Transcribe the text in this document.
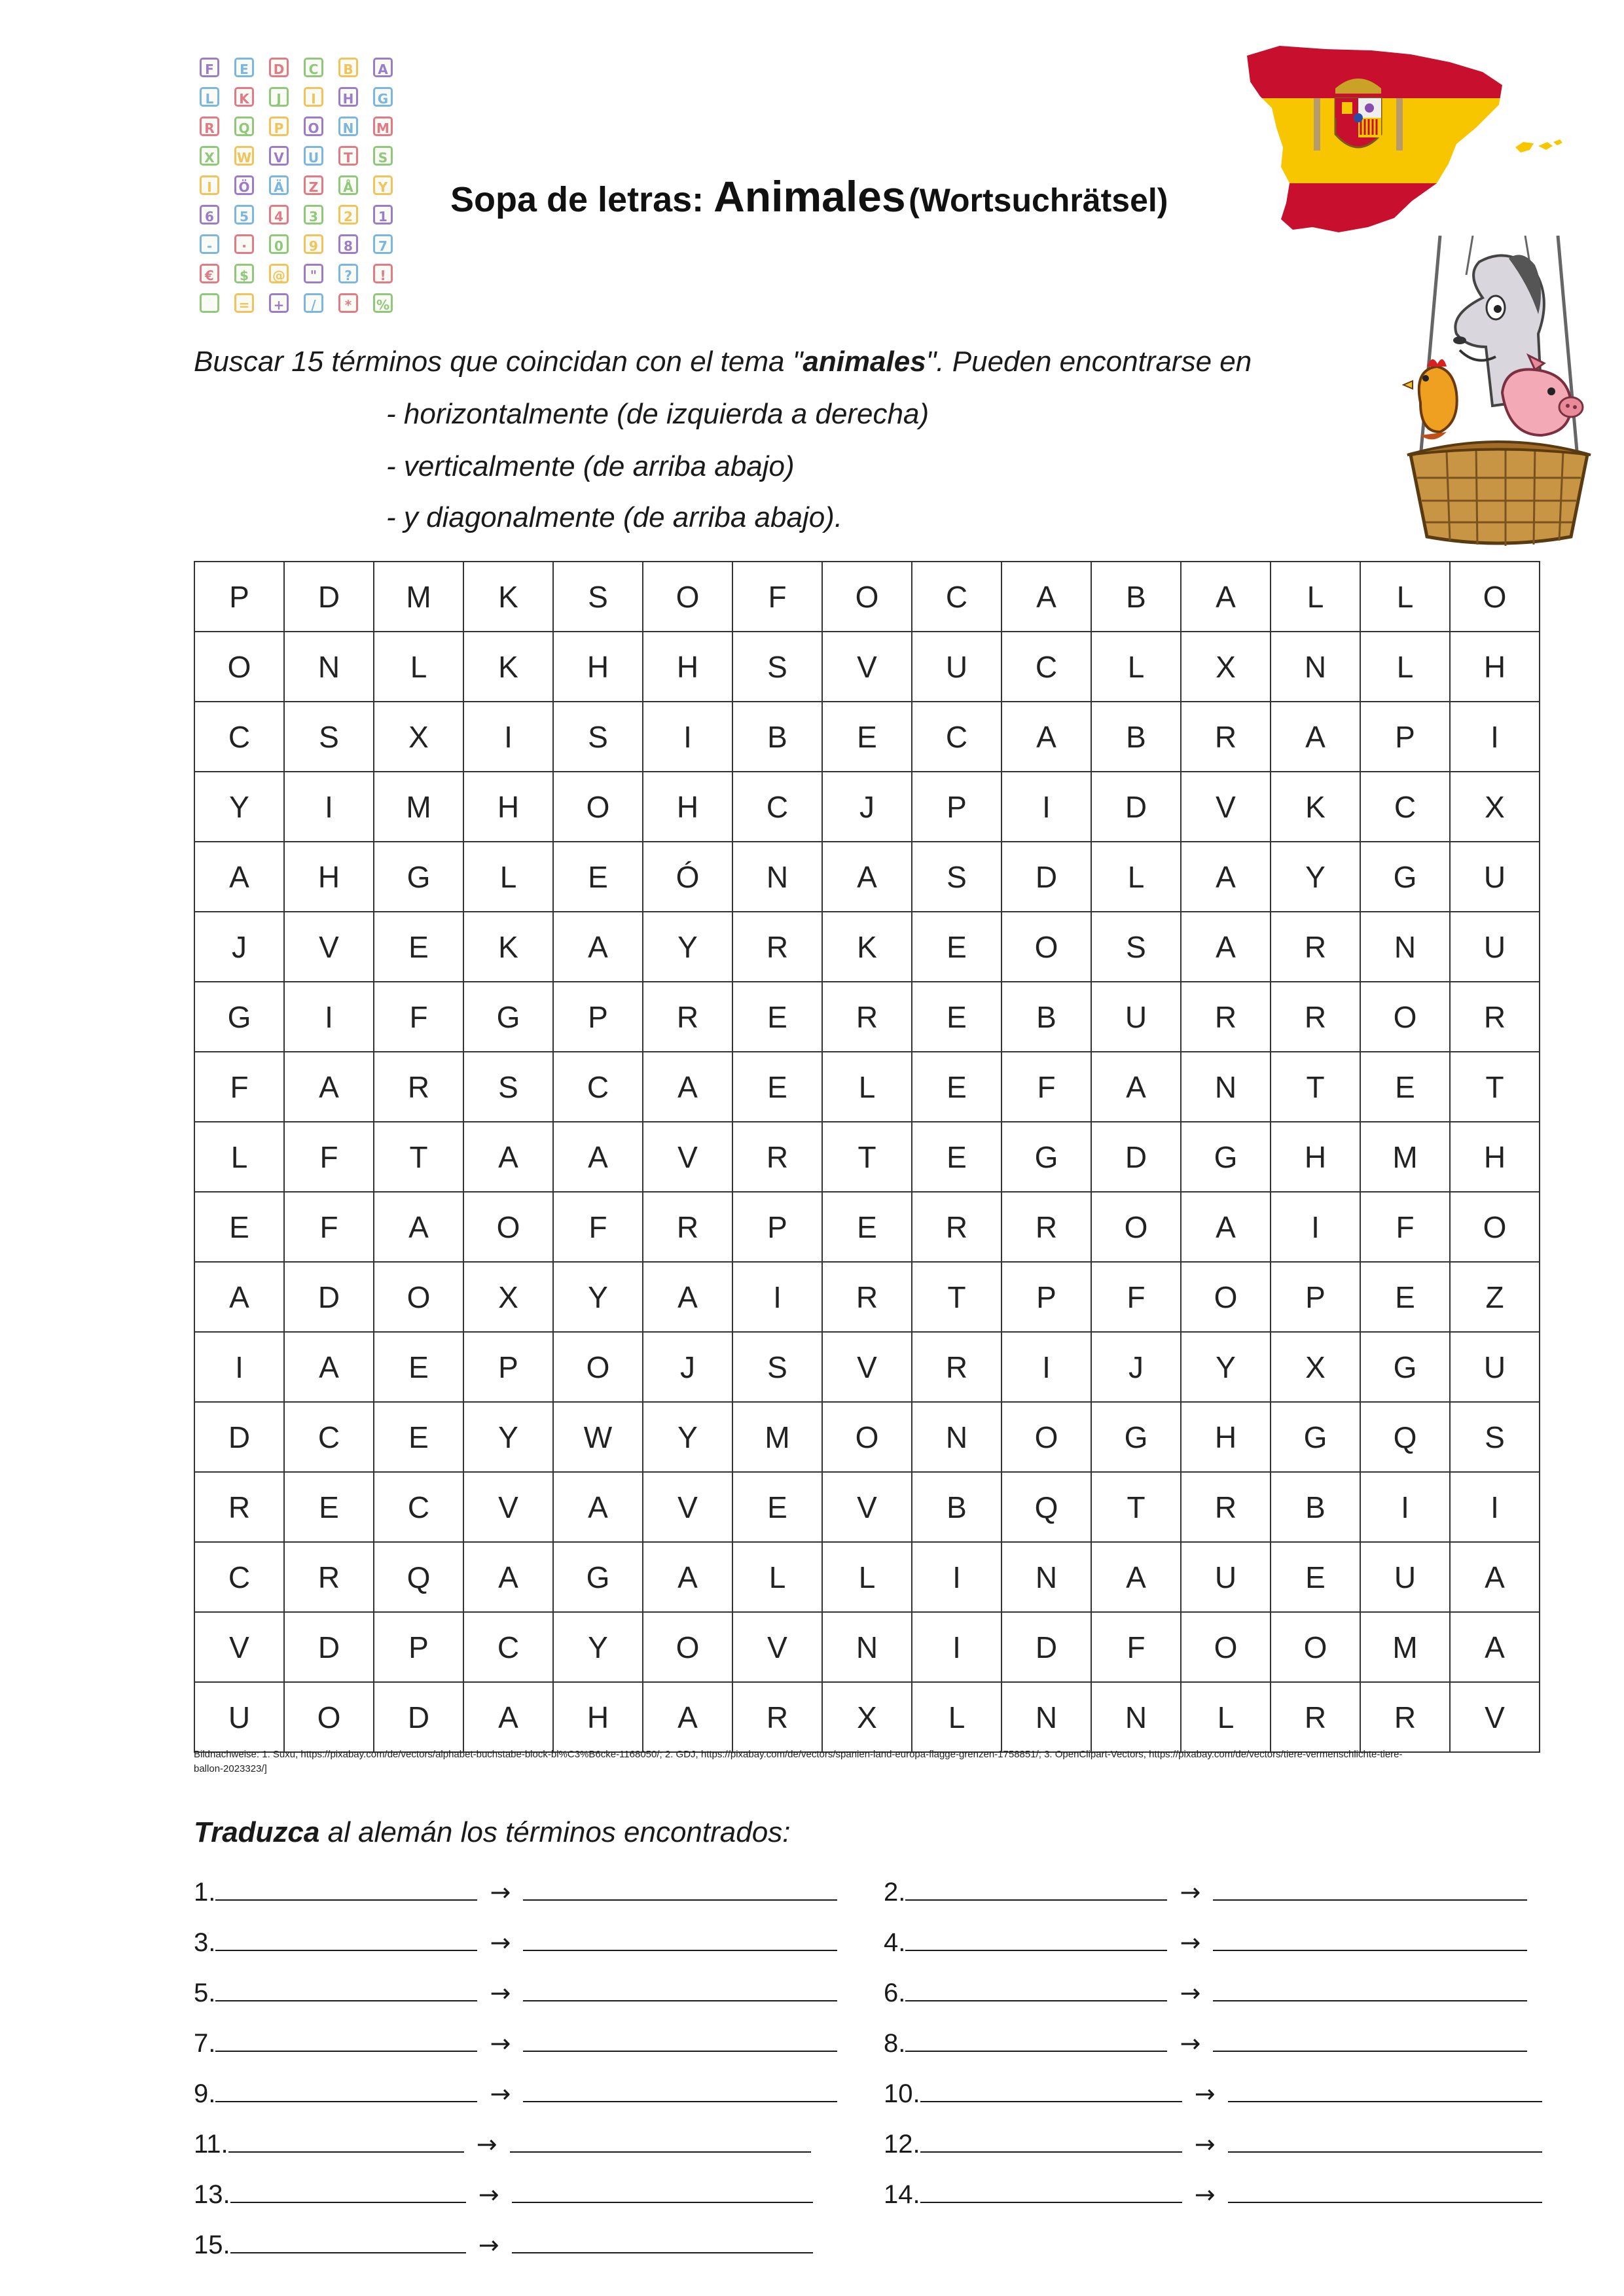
F	E	D	C	B	A
L	K	J	I	H	G
R	Q	P	O	N	M
X	W	V	U	T	S
I	Ö	Ä	Z	Å	Y
6	5	4	3	2	1
-	·	0	9	8	7
€	$	@	"	?	!
=	+	/	*	%
Sopa de letras: Animales (Wortsuchrätsel)
Buscar 15 términos que coincidan con el tema "animales". Pueden encontrarse en
- horizontalmente (de izquierda a derecha)
- verticalmente (de arriba abajo)
- y diagonalmente (de arriba abajo).
P	D	M	K	S	O	F	O	C	A	B	A	L	L	O
O	N	L	K	H	H	S	V	U	C	L	X	N	L	H
C	S	X	I	S	I	B	E	C	A	B	R	A	P	I
Y	I	M	H	O	H	C	J	P	I	D	V	K	C	X
A	H	G	L	E	Ó	N	A	S	D	L	A	Y	G	U
J	V	E	K	A	Y	R	K	E	O	S	A	R	N	U
G	I	F	G	P	R	E	R	E	B	U	R	R	O	R
F	A	R	S	C	A	E	L	E	F	A	N	T	E	T
L	F	T	A	A	V	R	T	E	G	D	G	H	M	H
E	F	A	O	F	R	P	E	R	R	O	A	I	F	O
A	D	O	X	Y	A	I	R	T	P	F	O	P	E	Z
I	A	E	P	O	J	S	V	R	I	J	Y	X	G	U
D	C	E	Y	W	Y	M	O	N	O	G	H	G	Q	S
R	E	C	V	A	V	E	V	B	Q	T	R	B	I	I
C	R	Q	A	G	A	L	L	I	N	A	U	E	U	A
V	D	P	C	Y	O	V	N	I	D	F	O	O	M	A
U	O	D	A	H	A	R	X	L	N	N	L	R	R	V
Bildnachweise: 1. Suxu, https://pixabay.com/de/vectors/alphabet-buchstabe-block-bl%C3%B6cke-1168050/; 2. GDJ, https://pixabay.com/de/vectors/spanien-land-europa-flagge-grenzen-1758851/; 3. OpenClipart-Vectors, https://pixabay.com/de/vectors/tiere-vermenschlichte-tiere-ballon-2023323/]
Traduzca al alemán los términos encontrados:
1.	→	2.	→
3.	→	4.	→
5.	→	6.	→
7.	→	8.	→
9.	→	10.	→
11.	→	12.	→
13.	→	14.	→
15.	→
